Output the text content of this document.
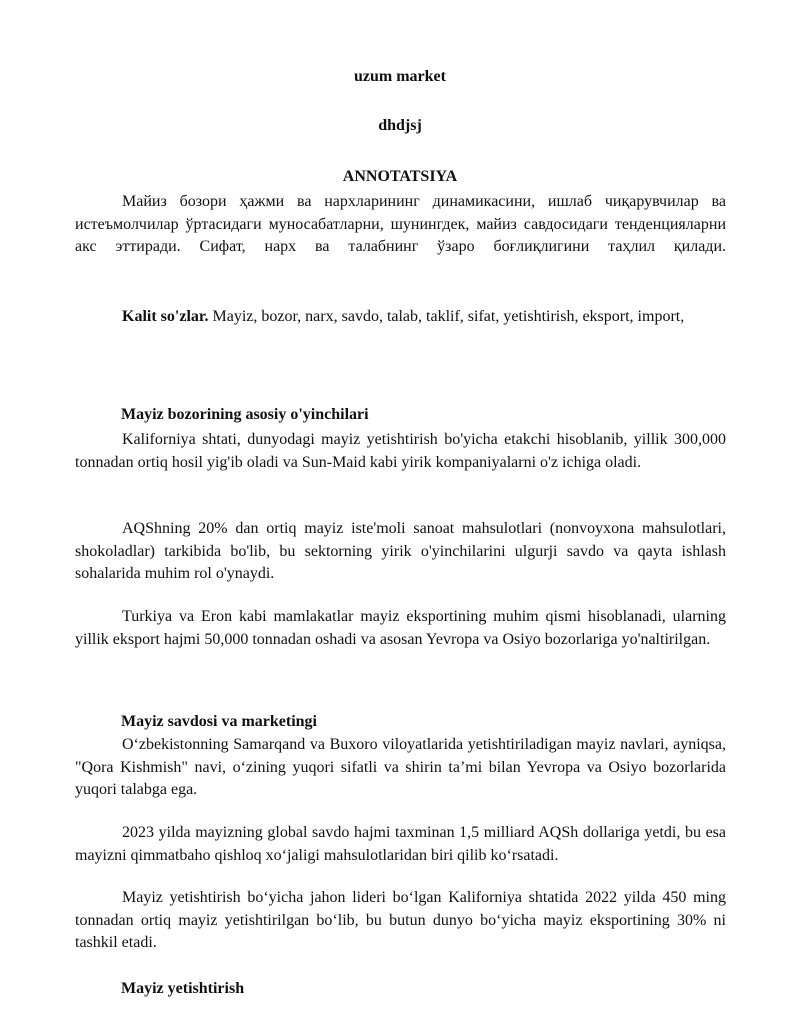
uzum market
dhdjsj
ANNOTATSIYA

Майиз бозори ҳажми ва нархларининг динамикасини, ишлаб чиқарувчилар ва истеъмолчилар ўртасидаги муносабатларни, шунингдек, майиз савдосидаги тенденцияларни акс эттиради. Сифат, нарх ва талабнинг ўзаро боғлиқлигини таҳлил қилади.

Kalit so'zlar. Mayiz, bozor, narx, savdo, talab, taklif, sifat, yetishtirish, eksport, import,

Mayiz bozorining asosiy o'yinchilari

Kaliforniya shtati, dunyodagi mayiz yetishtirish bo'yicha etakchi hisoblanib, yillik 300,000 tonnadan ortiq hosil yig'ib oladi va Sun-Maid kabi yirik kompaniyalarni o'z ichiga oladi.

AQShning 20% dan ortiq mayiz iste'moli sanoat mahsulotlari (nonvoyxona mahsulotlari, shokoladlar) tarkibida bo'lib, bu sektorning yirik o'yinchilarini ulgurji savdo va qayta ishlash sohalarida muhim rol o'ynaydi.

Turkiya va Eron kabi mamlakatlar mayiz eksportining muhim qismi hisoblanadi, ularning yillik eksport hajmi 50,000 tonnadan oshadi va asosan Yevropa va Osiyo bozorlariga yo'naltirilgan.

Mayiz savdosi va marketingi

O‘zbekistonning Samarqand va Buxoro viloyatlarida yetishtiriladigan mayiz navlari, ayniqsa, "Qora Kishmish" navi, o‘zining yuqori sifatli va shirin ta’mi bilan Yevropa va Osiyo bozorlarida yuqori talabga ega.

2023 yilda mayizning global savdo hajmi taxminan 1,5 milliard AQSh dollariga yetdi, bu esa mayizni qimmatbaho qishloq xo‘jaligi mahsulotlaridan biri qilib ko‘rsatadi.

Mayiz yetishtirish bo‘yicha jahon lideri bo‘lgan Kaliforniya shtatida 2022 yilda 450 ming tonnadan ortiq mayiz yetishtirilgan bo‘lib, bu butun dunyo bo‘yicha mayiz eksportining 30% ni tashkil etadi.

Mayiz yetishtirish
